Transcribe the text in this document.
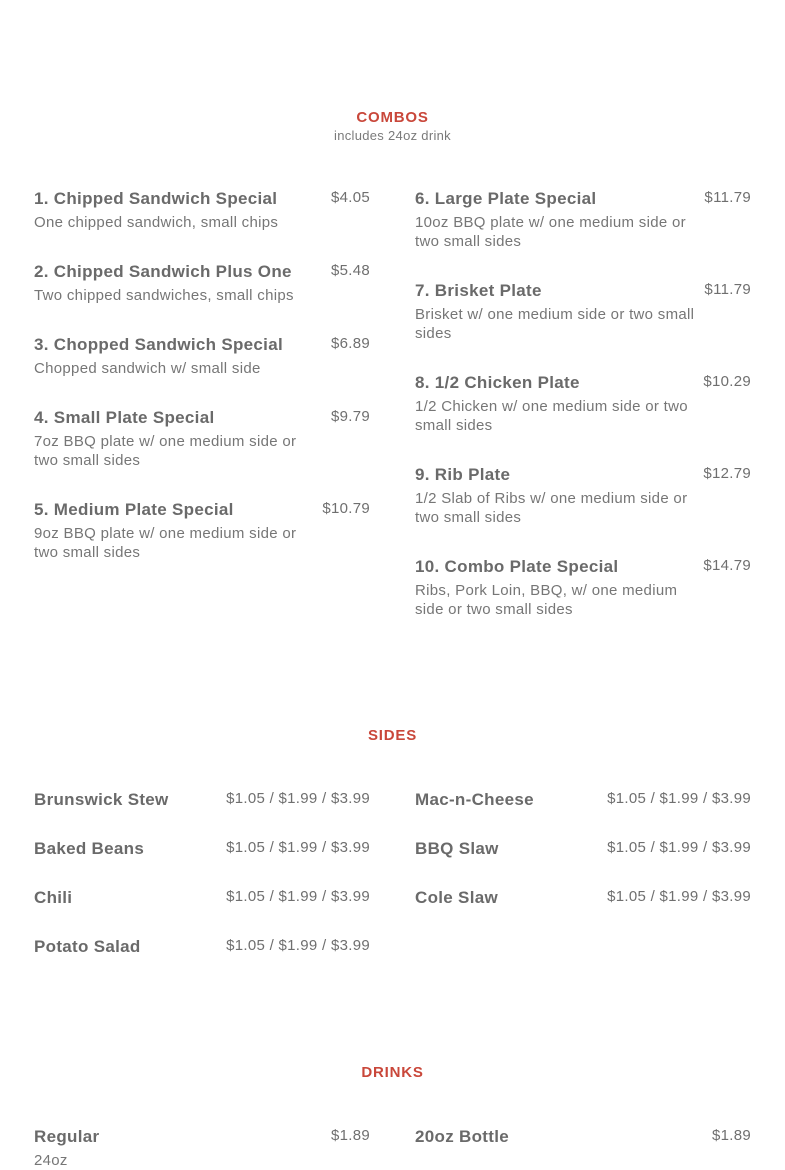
COMBOS
includes 24oz drink
1. Chipped Sandwich Special	$4.05
One chipped sandwich, small chips
2. Chipped Sandwich Plus One	$5.48
Two chipped sandwiches, small chips
3. Chopped Sandwich Special	$6.89
Chopped sandwich w/ small side
4. Small Plate Special	$9.79
7oz BBQ plate w/ one medium side or two small sides
5. Medium Plate Special	$10.79
9oz BBQ plate w/ one medium side or two small sides
6. Large Plate Special	$11.79
10oz BBQ plate w/ one medium side or two small sides
7. Brisket Plate	$11.79
Brisket w/ one medium side or two small sides
8. 1/2 Chicken Plate	$10.29
1/2 Chicken w/ one medium side or two small sides
9. Rib Plate	$12.79
1/2 Slab of Ribs w/ one medium side or two small sides
10. Combo Plate Special	$14.79
Ribs, Pork Loin, BBQ, w/ one medium side or two small sides
SIDES
Brunswick Stew	$1.05 / $1.99 / $3.99
Baked Beans	$1.05 / $1.99 / $3.99
Chili	$1.05 / $1.99 / $3.99
Potato Salad	$1.05 / $1.99 / $3.99
Mac-n-Cheese	$1.05 / $1.99 / $3.99
BBQ Slaw	$1.05 / $1.99 / $3.99
Cole Slaw	$1.05 / $1.99 / $3.99
DRINKS
Regular	$1.89
24oz
20oz Bottle	$1.89
